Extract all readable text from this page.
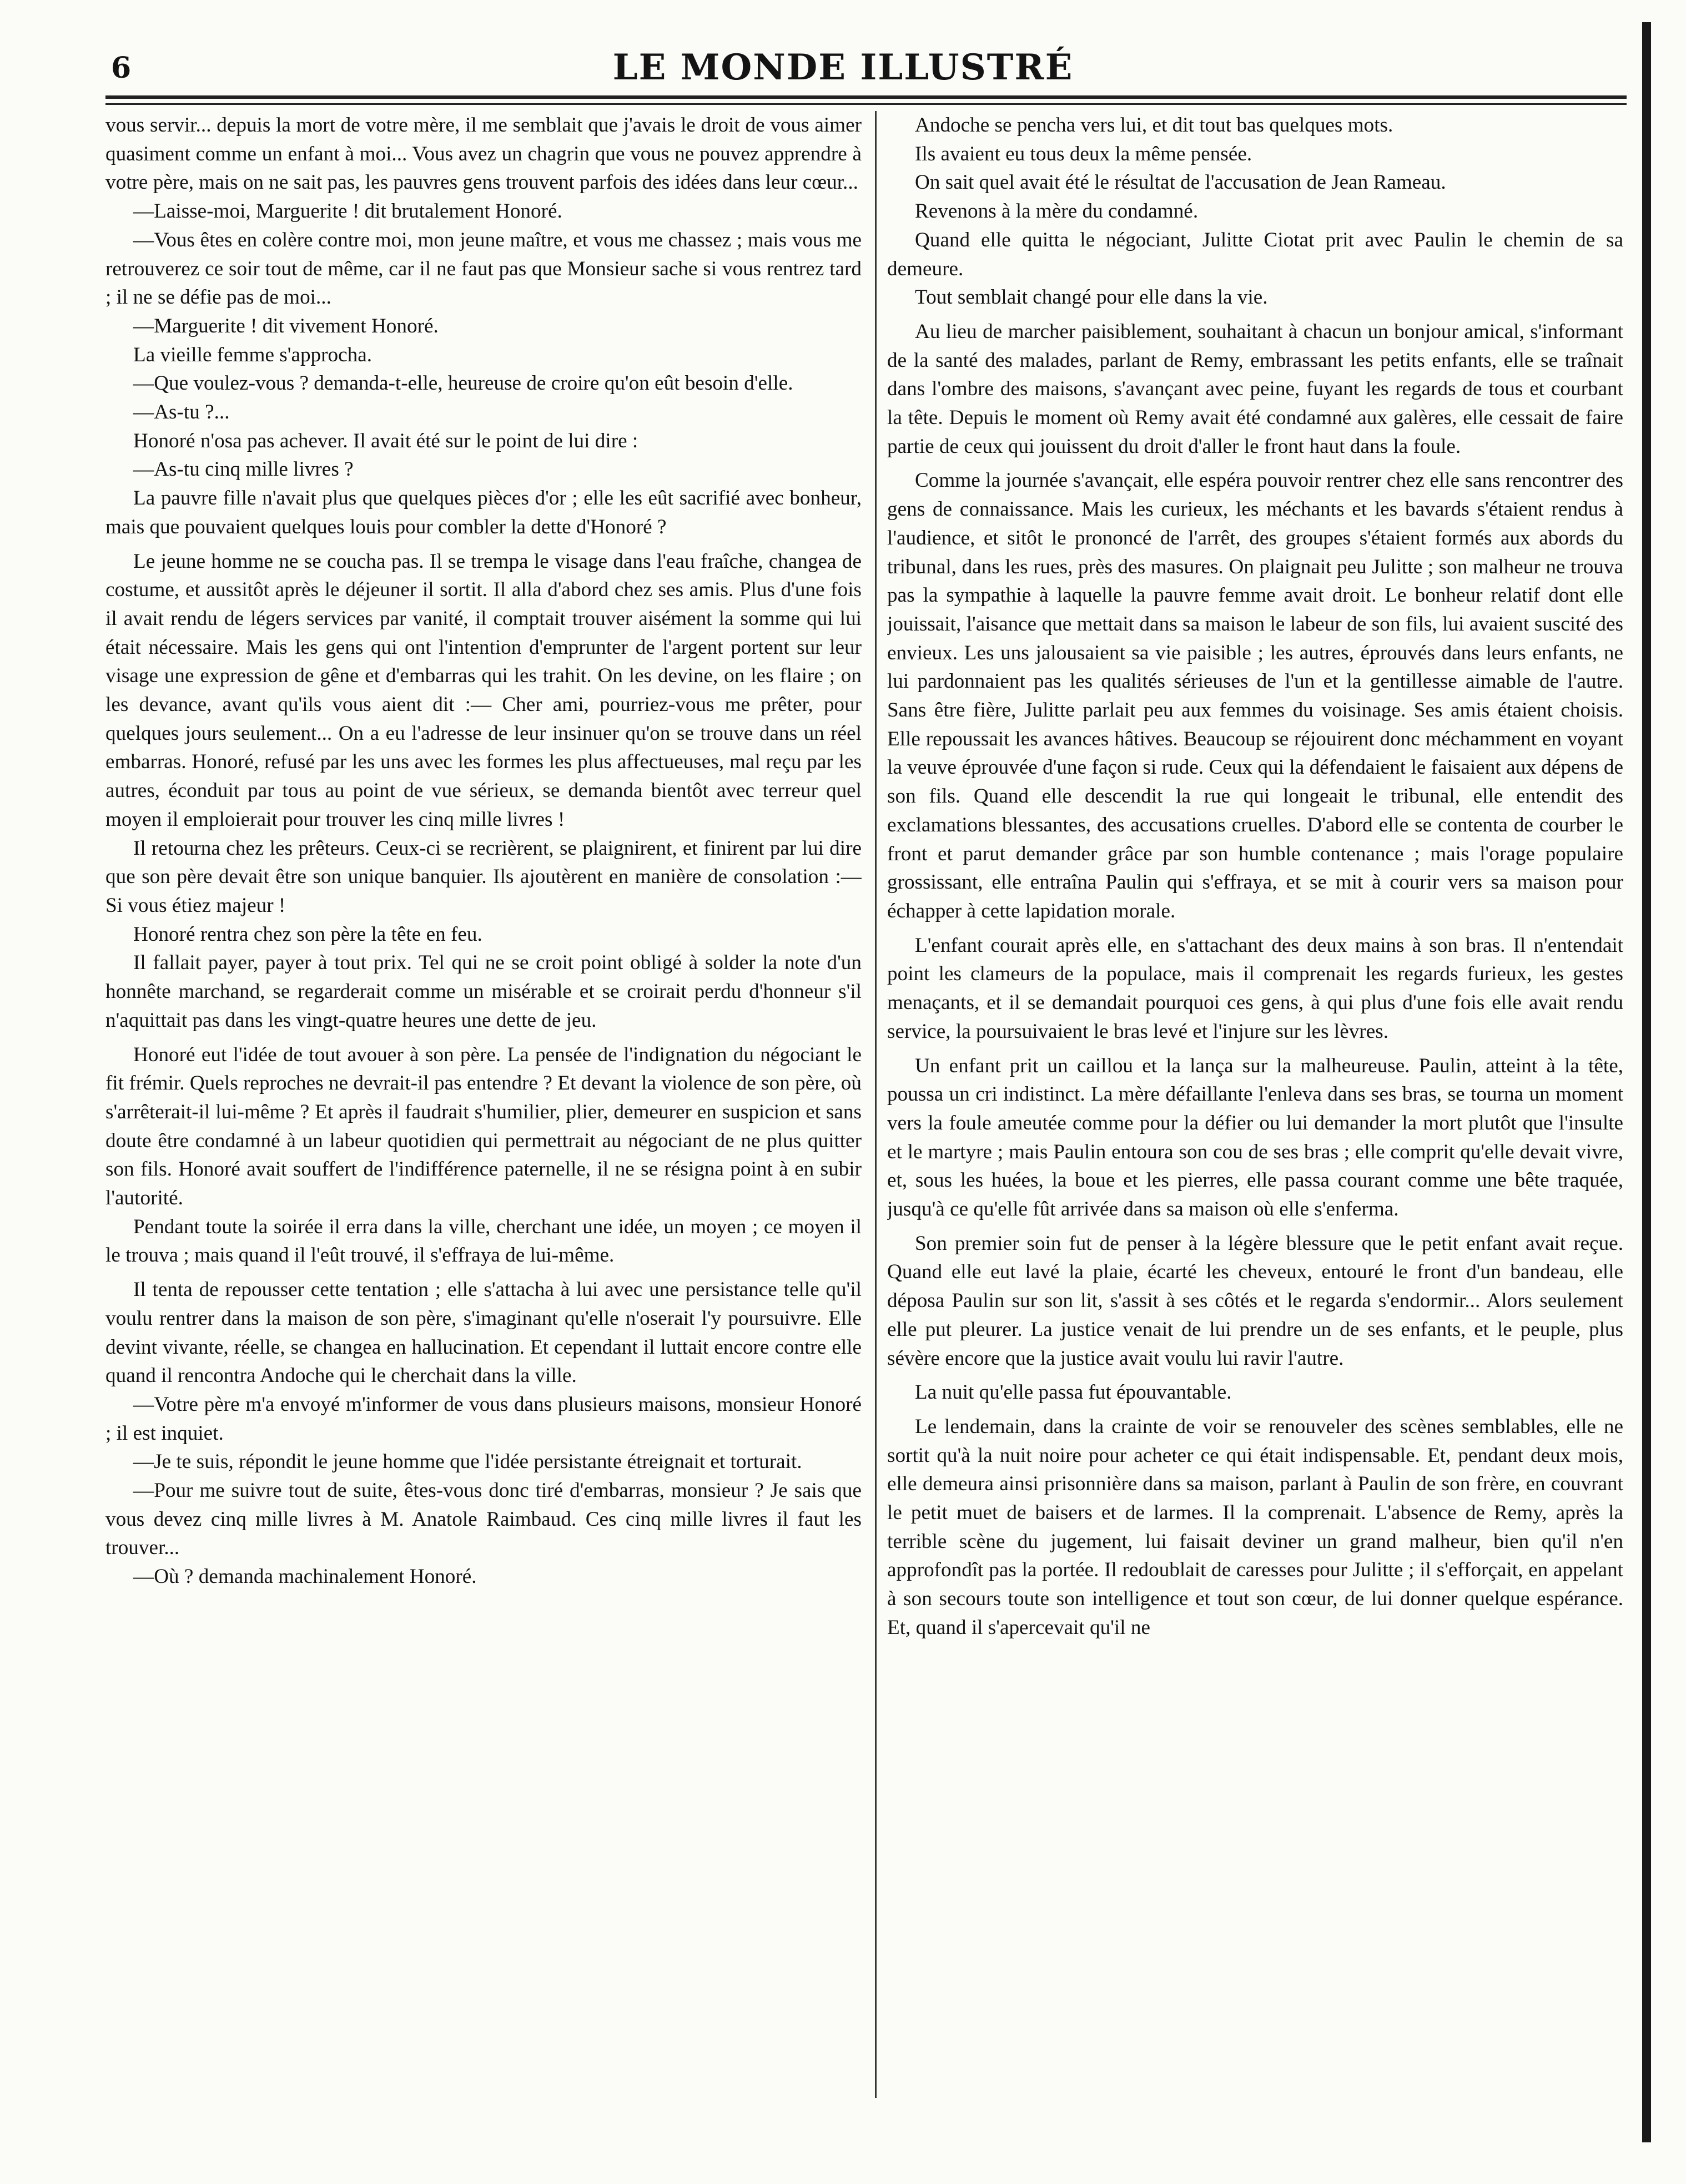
6	LE MONDE ILLUSTRÉ

vous servir... depuis la mort de votre mère, il me semblait que j'avais le droit de vous aimer quasiment comme un enfant à moi... Vous avez un chagrin que vous ne pouvez apprendre à votre père, mais on ne sait pas, les pauvres gens trouvent parfois des idées dans leur cœur...

—Laisse-moi, Marguerite ! dit brutalement Honoré.

—Vous êtes en colère contre moi, mon jeune maître, et vous me chassez ; mais vous me retrouverez ce soir tout de même, car il ne faut pas que Monsieur sache si vous rentrez tard ; il ne se défie pas de moi...

—Marguerite ! dit vivement Honoré.

La vieille femme s'approcha.

—Que voulez-vous ? demanda-t-elle, heureuse de croire qu'on eût besoin d'elle.

—As-tu ?...

Honoré n'osa pas achever. Il avait été sur le point de lui dire :

—As-tu cinq mille livres ?

La pauvre fille n'avait plus que quelques pièces d'or ; elle les eût sacrifié avec bonheur, mais que pouvaient quelques louis pour combler la dette d'Honoré ?

Le jeune homme ne se coucha pas. Il se trempa le visage dans l'eau fraîche, changea de costume, et aussitôt après le déjeuner il sortit. Il alla d'abord chez ses amis. Plus d'une fois il avait rendu de légers services par vanité, il comptait trouver aisément la somme qui lui était nécessaire. Mais les gens qui ont l'intention d'emprunter de l'argent portent sur leur visage une expression de gêne et d'embarras qui les trahit. On les devine, on les flaire ; on les devance, avant qu'ils vous aient dit :— Cher ami, pourriez-vous me prêter, pour quelques jours seulement... On a eu l'adresse de leur insinuer qu'on se trouve dans un réel embarras. Honoré, refusé par les uns avec les formes les plus affectueuses, mal reçu par les autres, éconduit par tous au point de vue sérieux, se demanda bientôt avec terreur quel moyen il emploierait pour trouver les cinq mille livres !

Il retourna chez les prêteurs. Ceux-ci se recrièrent, se plaignirent, et finirent par lui dire que son père devait être son unique banquier. Ils ajoutèrent en manière de consolation :—Si vous étiez majeur !

Honoré rentra chez son père la tête en feu.

Il fallait payer, payer à tout prix. Tel qui ne se croit point obligé à solder la note d'un honnête marchand, se regarderait comme un misérable et se croirait perdu d'honneur s'il n'aquittait pas dans les vingt-quatre heures une dette de jeu.

Honoré eut l'idée de tout avouer à son père. La pensée de l'indignation du négociant le fit frémir. Quels reproches ne devrait-il pas entendre ? Et devant la violence de son père, où s'arrêterait-il lui-même ? Et après il faudrait s'humilier, plier, demeurer en suspicion et sans doute être condamné à un labeur quotidien qui permettrait au négociant de ne plus quitter son fils. Honoré avait souffert de l'indifférence paternelle, il ne se résigna point à en subir l'autorité.

Pendant toute la soirée il erra dans la ville, cherchant une idée, un moyen ; ce moyen il le trouva ; mais quand il l'eût trouvé, il s'effraya de lui-même.

Il tenta de repousser cette tentation ; elle s'attacha à lui avec une persistance telle qu'il voulu rentrer dans la maison de son père, s'imaginant qu'elle n'oserait l'y poursuivre. Elle devint vivante, réelle, se changea en hallucination. Et cependant il luttait encore contre elle quand il rencontra Andoche qui le cherchait dans la ville.

—Votre père m'a envoyé m'informer de vous dans plusieurs maisons, monsieur Honoré ; il est inquiet.

—Je te suis, répondit le jeune homme que l'idée persistante étreignait et torturait.

—Pour me suivre tout de suite, êtes-vous donc tiré d'embarras, monsieur ? Je sais que vous devez cinq mille livres à M. Anatole Raimbaud. Ces cinq mille livres il faut les trouver...

—Où ? demanda machinalement Honoré.

Andoche se pencha vers lui, et dit tout bas quelques mots.

Ils avaient eu tous deux la même pensée.

On sait quel avait été le résultat de l'accusation de Jean Rameau.

Revenons à la mère du condamné.

Quand elle quitta le négociant, Julitte Ciotat prit avec Paulin le chemin de sa demeure.

Tout semblait changé pour elle dans la vie.

Au lieu de marcher paisiblement, souhaitant à chacun un bonjour amical, s'informant de la santé des malades, parlant de Remy, embrassant les petits enfants, elle se traînait dans l'ombre des maisons, s'avançant avec peine, fuyant les regards de tous et courbant la tête. Depuis le moment où Remy avait été condamné aux galères, elle cessait de faire partie de ceux qui jouissent du droit d'aller le front haut dans la foule.

Comme la journée s'avançait, elle espéra pouvoir rentrer chez elle sans rencontrer des gens de connaissance. Mais les curieux, les méchants et les bavards s'étaient rendus à l'audience, et sitôt le prononcé de l'arrêt, des groupes s'étaient formés aux abords du tribunal, dans les rues, près des masures. On plaignait peu Julitte ; son malheur ne trouva pas la sympathie à laquelle la pauvre femme avait droit. Le bonheur relatif dont elle jouissait, l'aisance que mettait dans sa maison le labeur de son fils, lui avaient suscité des envieux. Les uns jalousaient sa vie paisible ; les autres, éprouvés dans leurs enfants, ne lui pardonnaient pas les qualités sérieuses de l'un et la gentillesse aimable de l'autre. Sans être fière, Julitte parlait peu aux femmes du voisinage. Ses amis étaient choisis. Elle repoussait les avances hâtives. Beaucoup se réjouirent donc méchamment en voyant la veuve éprouvée d'une façon si rude. Ceux qui la défendaient le faisaient aux dépens de son fils. Quand elle descendit la rue qui longeait le tribunal, elle entendit des exclamations blessantes, des accusations cruelles. D'abord elle se contenta de courber le front et parut demander grâce par son humble contenance ; mais l'orage populaire grossissant, elle entraîna Paulin qui s'effraya, et se mit à courir vers sa maison pour échapper à cette lapidation morale.

L'enfant courait après elle, en s'attachant des deux mains à son bras. Il n'entendait point les clameurs de la populace, mais il comprenait les regards furieux, les gestes menaçants, et il se demandait pourquoi ces gens, à qui plus d'une fois elle avait rendu service, la poursuivaient le bras levé et l'injure sur les lèvres.

Un enfant prit un caillou et la lança sur la malheureuse. Paulin, atteint à la tête, poussa un cri indistinct. La mère défaillante l'enleva dans ses bras, se tourna un moment vers la foule ameutée comme pour la défier ou lui demander la mort plutôt que l'insulte et le martyre ; mais Paulin entoura son cou de ses bras ; elle comprit qu'elle devait vivre, et, sous les huées, la boue et les pierres, elle passa courant comme une bête traquée, jusqu'à ce qu'elle fût arrivée dans sa maison où elle s'enferma.

Son premier soin fut de penser à la légère blessure que le petit enfant avait reçue. Quand elle eut lavé la plaie, écarté les cheveux, entouré le front d'un bandeau, elle déposa Paulin sur son lit, s'assit à ses côtés et le regarda s'endormir... Alors seulement elle put pleurer. La justice venait de lui prendre un de ses enfants, et le peuple, plus sévère encore que la justice avait voulu lui ravir l'autre.

La nuit qu'elle passa fut épouvantable.

Le lendemain, dans la crainte de voir se renouveler des scènes semblables, elle ne sortit qu'à la nuit noire pour acheter ce qui était indispensable. Et, pendant deux mois, elle demeura ainsi prisonnière dans sa maison, parlant à Paulin de son frère, en couvrant le petit muet de baisers et de larmes. Il la comprenait. L'absence de Remy, après la terrible scène du jugement, lui faisait deviner un grand malheur, bien qu'il n'en approfondît pas la portée. Il redoublait de caresses pour Julitte ; il s'efforçait, en appelant à son secours toute son intelligence et tout son cœur, de lui donner quelque espérance. Et, quand il s'apercevait qu'il ne
